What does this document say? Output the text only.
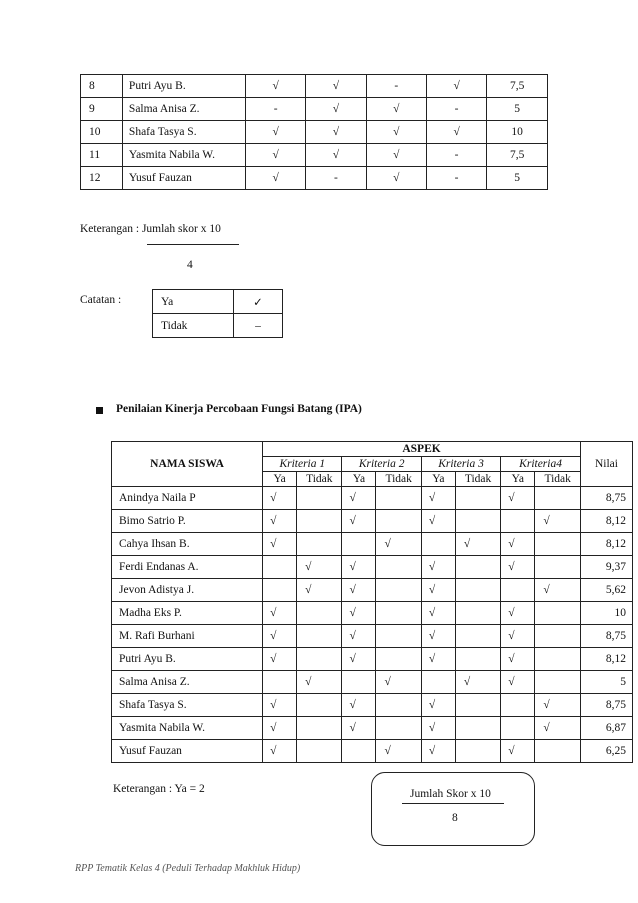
8	Putri Ayu B.	√	√	-	√	7,5
9	Salma Anisa Z.	-	√	√	-	5
10	Shafa Tasya S.	√	√	√	√	10
11	Yasmita Nabila W.	√	√	√	-	7,5
12	Yusuf Fauzan	√	-	√	-	5
Keterangan : Jumlah skor x 10
4
Catatan :	Ya	✓
Tidak	–
Penilaian Kinerja Percobaan Fungsi Batang (IPA)
NAMA SISWA	ASPEK								Nilai
	Kriteria 1		Kriteria 2		Kriteria 3		Kriteria4		
	Ya	Tidak	Ya	Tidak	Ya	Tidak	Ya	Tidak	
Anindya Naila P	√		√		√		√		8,75
Bimo Satrio P.	√		√		√			√	8,12
Cahya Ihsan B.	√			√		√	√		8,12
Ferdi Endanas A.		√	√		√		√		9,37
Jevon Adistya J.		√	√		√			√	5,62
Madha Eks P.	√		√		√		√		10
M. Rafi Burhani	√		√		√		√		8,75
Putri Ayu B.	√		√		√		√		8,12
Salma Anisa Z.		√		√		√	√		5
Shafa Tasya S.	√		√		√			√	8,75
Yasmita Nabila W.	√		√		√			√	6,87
Yusuf Fauzan	√			√	√		√		6,25
Keterangan : Ya = 2	Jumlah Skor x 10
8
RPP Tematik Kelas 4 (Peduli Terhadap Makhluk Hidup)
